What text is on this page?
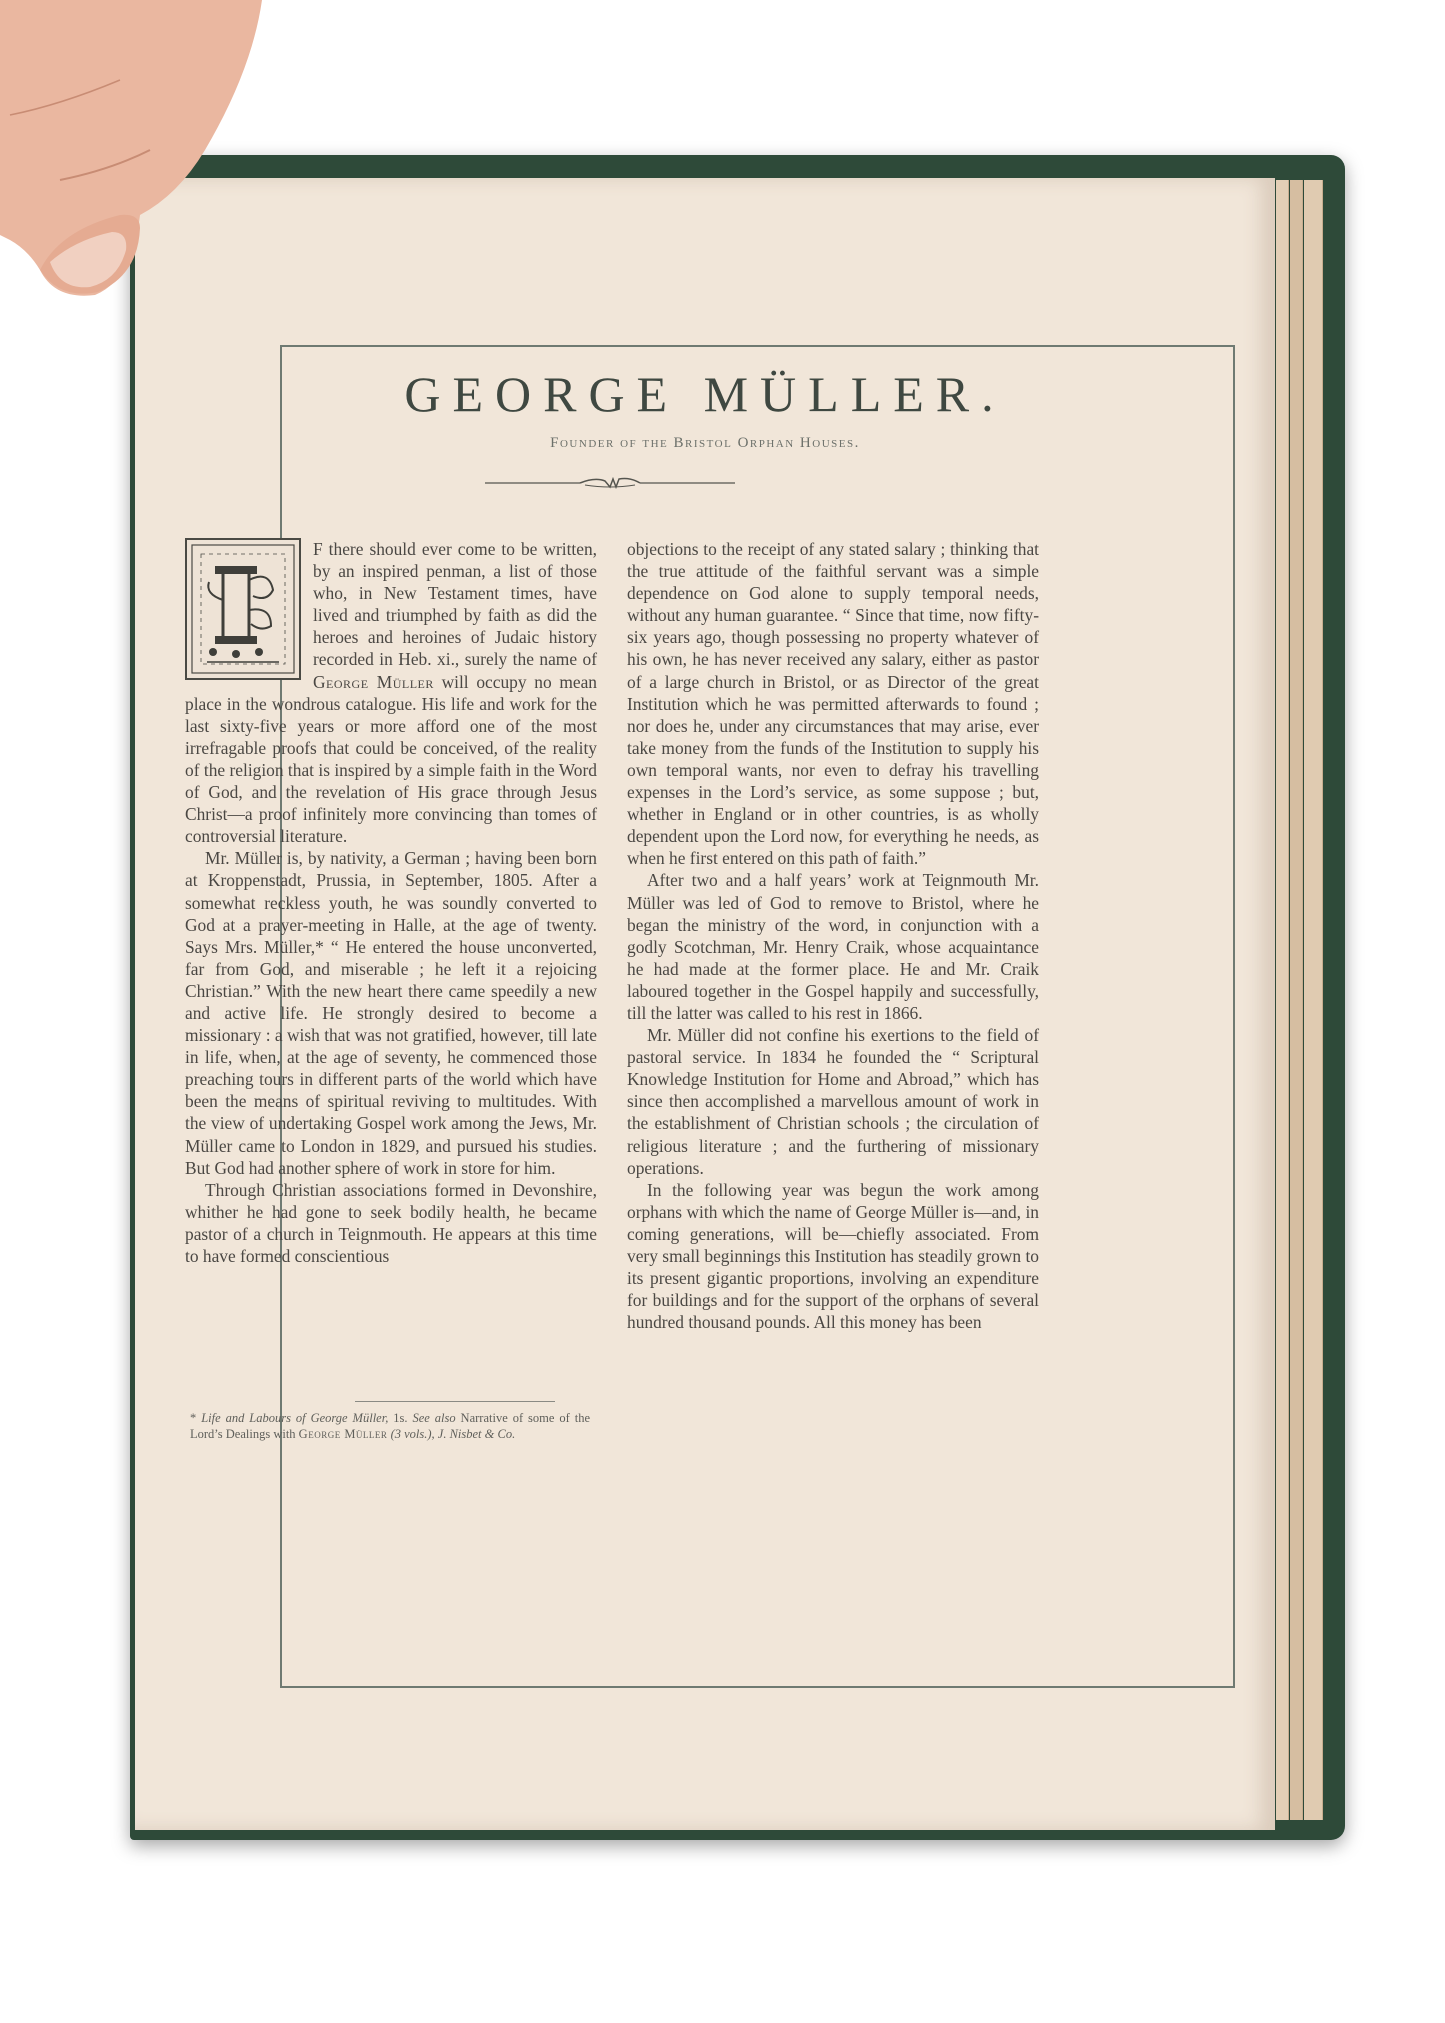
GEORGE MÜLLER.
Founder of the Bristol Orphan Houses.

F there should ever come to be written, by an inspired penman, a list of those who, in New Testament times, have lived and triumphed by faith as did the heroes and heroines of Judaic history recorded in Heb. xi., surely the name of George Müller will occupy no mean place in the wondrous catalogue. His life and work for the last sixty-five years or more afford one of the most irrefragable proofs that could be conceived, of the reality of the religion that is inspired by a simple faith in the Word of God, and the revelation of His grace through Jesus Christ—a proof infinitely more convincing than tomes of controversial literature.

Mr. Müller is, by nativity, a German ; having been born at Kroppenstadt, Prussia, in September, 1805. After a somewhat reckless youth, he was soundly converted to God at a prayer-meeting in Halle, at the age of twenty. Says Mrs. Müller,* “ He entered the house unconverted, far from God, and miserable ; he left it a rejoicing Christian.” With the new heart there came speedily a new and active life. He strongly desired to become a missionary : a wish that was not gratified, however, till late in life, when, at the age of seventy, he commenced those preaching tours in different parts of the world which have been the means of spiritual reviving to multitudes. With the view of undertaking Gospel work among the Jews, Mr. Müller came to London in 1829, and pursued his studies. But God had another sphere of work in store for him.

Through Christian associations formed in Devonshire, whither he had gone to seek bodily health, he became pastor of a church in Teignmouth. He appears at this time to have formed conscientious

* Life and Labours of George Müller, 1s. See also Narrative of some of the Lord’s Dealings with George Müller (3 vols.), J. Nisbet & Co.

objections to the receipt of any stated salary ; thinking that the true attitude of the faithful servant was a simple dependence on God alone to supply temporal needs, without any human guarantee. “ Since that time, now fifty-six years ago, though possessing no property whatever of his own, he has never received any salary, either as pastor of a large church in Bristol, or as Director of the great Institution which he was permitted afterwards to found ; nor does he, under any circumstances that may arise, ever take money from the funds of the Institution to supply his own temporal wants, nor even to defray his travelling expenses in the Lord’s service, as some suppose ; but, whether in England or in other countries, is as wholly dependent upon the Lord now, for everything he needs, as when he first entered on this path of faith.”

After two and a half years’ work at Teignmouth Mr. Müller was led of God to remove to Bristol, where he began the ministry of the word, in conjunction with a godly Scotchman, Mr. Henry Craik, whose acquaintance he had made at the former place. He and Mr. Craik laboured together in the Gospel happily and successfully, till the latter was called to his rest in 1866.

Mr. Müller did not confine his exertions to the field of pastoral service. In 1834 he founded the “ Scriptural Knowledge Institution for Home and Abroad,” which has since then accomplished a marvellous amount of work in the establishment of Christian schools ; the circulation of religious literature ; and the furthering of missionary operations.

In the following year was begun the work among orphans with which the name of George Müller is—and, in coming generations, will be—chiefly associated. From very small beginnings this Institution has steadily grown to its present gigantic proportions, involving an expenditure for buildings and for the support of the orphans of several hundred thousand pounds. All this money has been
